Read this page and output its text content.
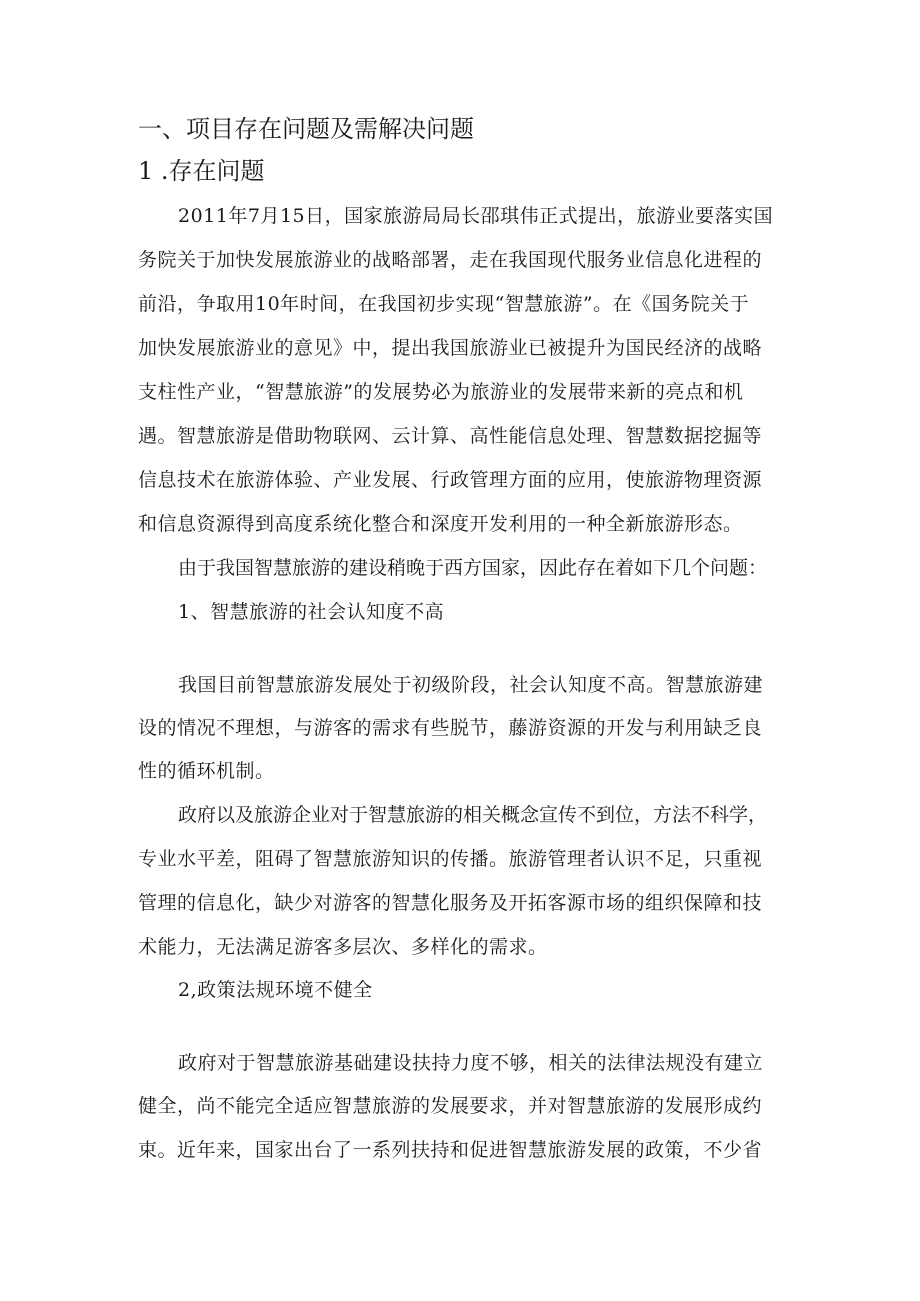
一、项目存在问题及需解决问题
1 .存在问题
2011年7月15日，国家旅游局局长邵琪伟正式提出，旅游业要落实国
务院关于加快发展旅游业的战略部署，走在我国现代服务业信息化进程的
前沿，争取用10年时间，在我国初步实现“智慧旅游”。在《国务院关于
加快发展旅游业的意见》中，提出我国旅游业已被提升为国民经济的战略
支柱性产业，“智慧旅游”的发展势必为旅游业的发展带来新的亮点和机
遇。智慧旅游是借助物联网、云计算、高性能信息处理、智慧数据挖掘等
信息技术在旅游体验、产业发展、行政管理方面的应用，使旅游物理资源
和信息资源得到高度系统化整合和深度开发利用的一种全新旅游形态。
由于我国智慧旅游的建设稍晚于西方国家，因此存在着如下几个问题：
1、智慧旅游的社会认知度不高
我国目前智慧旅游发展处于初级阶段，社会认知度不高。智慧旅游建
设的情况不理想，与游客的需求有些脱节，藤游资源的开发与利用缺乏良
性的循环机制。
政府以及旅游企业对于智慧旅游的相关概念宣传不到位，方法不科学，
专业水平差，阻碍了智慧旅游知识的传播。旅游管理者认识不足，只重视
管理的信息化，缺少对游客的智慧化服务及开拓客源市场的组织保障和技
术能力，无法满足游客多层次、多样化的需求。
2,政策法规环境不健全
政府对于智慧旅游基础建设扶持力度不够，相关的法律法规没有建立
健全，尚不能完全适应智慧旅游的发展要求，并对智慧旅游的发展形成约
束。近年来，国家出台了一系列扶持和促进智慧旅游发展的政策，不少省
